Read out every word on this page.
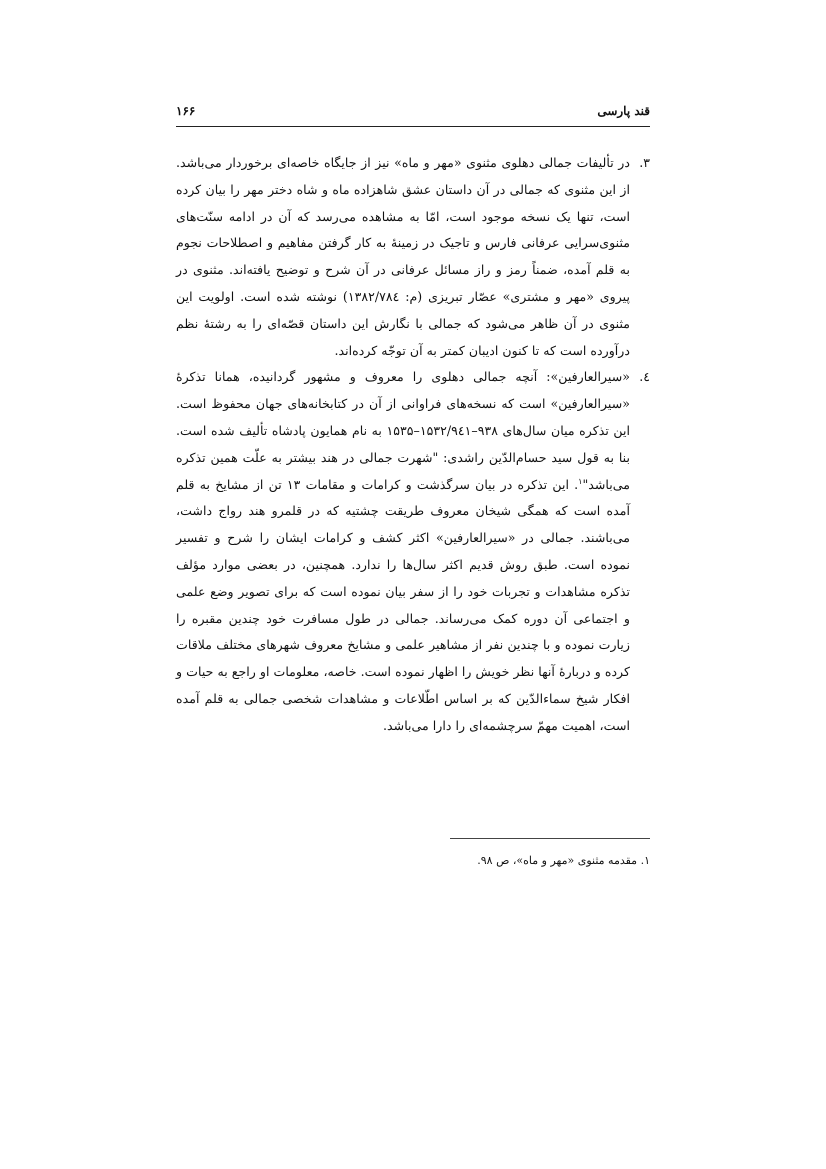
قند پارسی
۱۶۶
۳.
در تألیفات جمالی دهلوی مثنوی «مهر و ماه» نیز از جایگاه خاصه‌ای برخوردار می‌باشد. از این مثنوی که جمالی در آن داستان عشق شاهزاده ماه و شاه دختر مهر را بیان کرده است، تنها یک نسخه موجود است، امّا به مشاهده می‌رسد که آن در ادامه سنّت‌های مثنوی‌سرایی عرفانی فارس و تاجیک در زمینهٔ به کار گرفتن مفاهیم و اصطلاحات نجوم به قلم آمده، ضمناً رمز و راز مسائل عرفانی در آن شرح و توضیح یافته‌اند. مثنوی در پیروی «مهر و مشتری» عصّار تبریزی (م: ۱۳۸۲/۷۸٤) نوشته شده است. اولویت این مثنوی در آن ظاهر می‌شود که جمالی با نگارش این داستان قصّه‌ای را به رشتهٔ نظم درآورده است که تا کنون ادیبان کمتر به آن توجّه کرده‌اند.
٤.
«سیرالعارفین»: آنچه جمالی دهلوی را معروف و مشهور گردانیده، همانا تذکرهٔ «سیرالعارفین» است که نسخه‌های فراوانی از آن در کتابخانه‌های جهان محفوظ است. این تذکره میان سال‌های ۹۳۸–۱۵۳۲/۹٤۱–۱۵۳۵ به نام همایون پادشاه تألیف شده است. بنا به قول سید حسام‌الدّین راشدی: "شهرت جمالی در هند بیشتر به علّت همین تذکره می‌باشد"$^۱$. این تذکره در بیان سرگذشت و کرامات و مقامات ۱۳ تن از مشایخ به قلم آمده است که همگی شیخان معروف طریقت چشتیه که در قلمرو هند رواج داشت، می‌باشند. جمالی در «سیرالعارفین» اکثر کشف و کرامات ایشان را شرح و تفسیر نموده است. طبق روش قدیم اکثر سال‌ها را ندارد. همچنین، در بعضی موارد مؤلف تذکره مشاهدات و تجربات خود را از سفر بیان نموده است که برای تصویر وضع علمی و اجتماعی آن دوره کمک می‌رساند. جمالی در طول مسافرت خود چندین مقبره را زیارت نموده و با چندین نفر از مشاهیر علمی و مشایخ معروف شهرهای مختلف ملاقات کرده و دربارهٔ آنها نظر خویش را اظهار نموده است. خاصه، معلومات او راجع به حیات و افکار شیخ سماءالدّین که بر اساس اطّلاعات و مشاهدات شخصی جمالی به قلم آمده است، اهمیت مهمّ سرچشمه‌ای را دارا می‌باشد.
۱. مقدمه مثنوی «مهر و ماه»، ص ۹۸.
